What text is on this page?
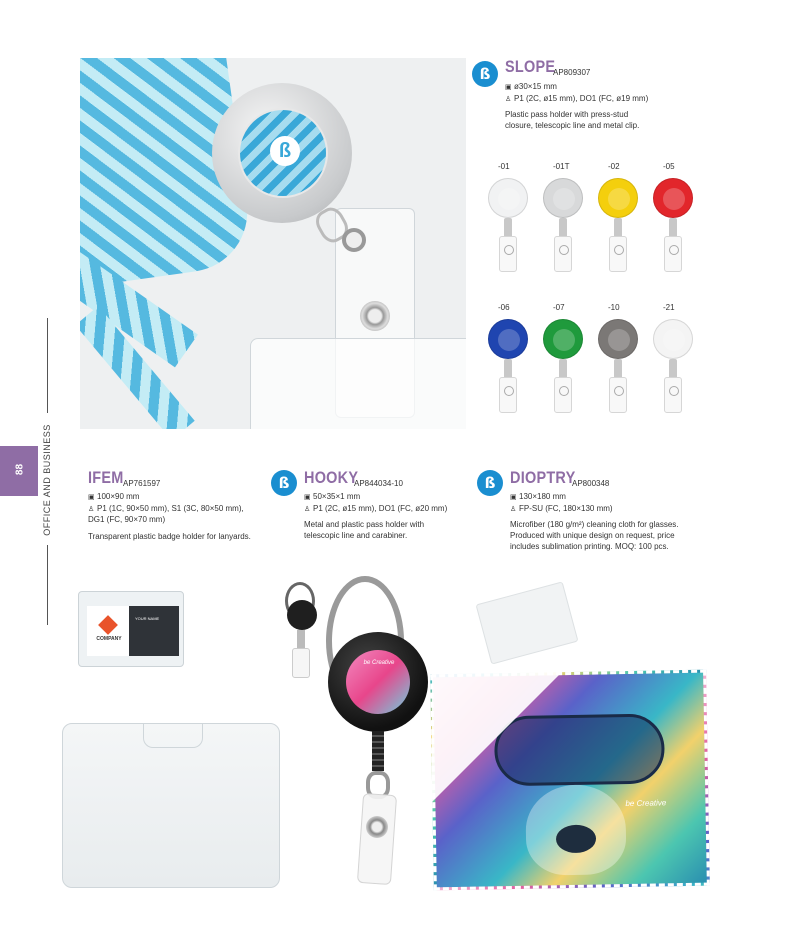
88 OFFICE AND BUSINESS
ß
ß SLOPE
AP809307
▣ ø30×15 mm
♙ P1 (2C, ø15 mm), DO1 (FC, ø19 mm)
Plastic pass holder with press-stud
closure, telescopic line and metal clip.
-01	-01T	-02	-05
-06	-07	-10	-21
IFEM AP761597
▣ 100×90 mm
♙ P1 (1C, 90×50 mm), S1 (3C, 80×50 mm),
DG1 (FC, 90×70 mm)
Transparent plastic badge holder for lanyards.
ß HOOKY
AP844034-10
▣ 50×35×1 mm
♙ P1 (2C, ø15 mm), DO1 (FC, ø20 mm)
Metal and plastic pass holder with
telescopic line and carabiner.
ß DIOPTRY
AP800348
▣ 130×180 mm
♙ FP-SU (FC, 180×130 mm)
Microfiber (180 g/m²) cleaning cloth for glasses.
Produced with unique design on request, price
includes sublimation printing. MOQ: 100 pcs.
COMPANY
YOUR NAME
be Creative
be Creative
